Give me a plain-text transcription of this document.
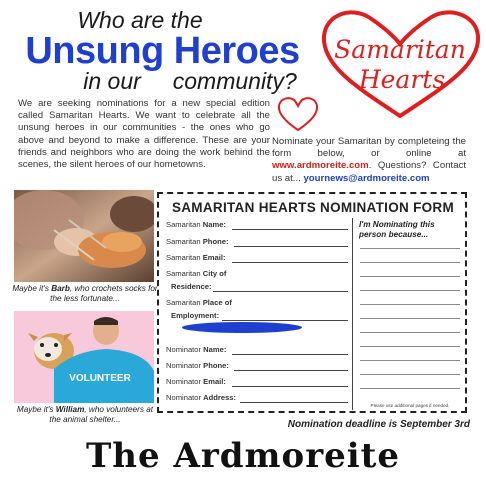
Who are the
Unsung Heroes
in our     community?
Samaritan
Hearts
We are seeking nominations for a new special edition called Samaritan Hearts. We want to celebrate all the unsung heroes in our communities - the ones who go above and beyond to make a difference. These are your friends and neighbors who are doing the work behind the scenes, the silent heroes of our hometowns.
Nominate your Samaritan by completeing the form below, or online at www.ardmoreite.com. Questions? Contact us at... yournews@ardmoreite.com
Maybe it's Barb, who crochets socks for the less fortunate...
VOLUNTEER
Maybe it's William, who volunteers at the animal shelter...
SAMARITAN HEARTS NOMINATION FORM
Samaritan Name:
Samaritan Phone:
Samaritan Email:
Samaritan City of
Residence:
Samaritan Place of
Employment:
Nominator Name:
Nominator Phone:
Nominator Email:
Nominator Address:
I'm Nominating this person because...
Please use additional pages if needed.
Nomination deadline is September 3rd
The Ardmoreite
